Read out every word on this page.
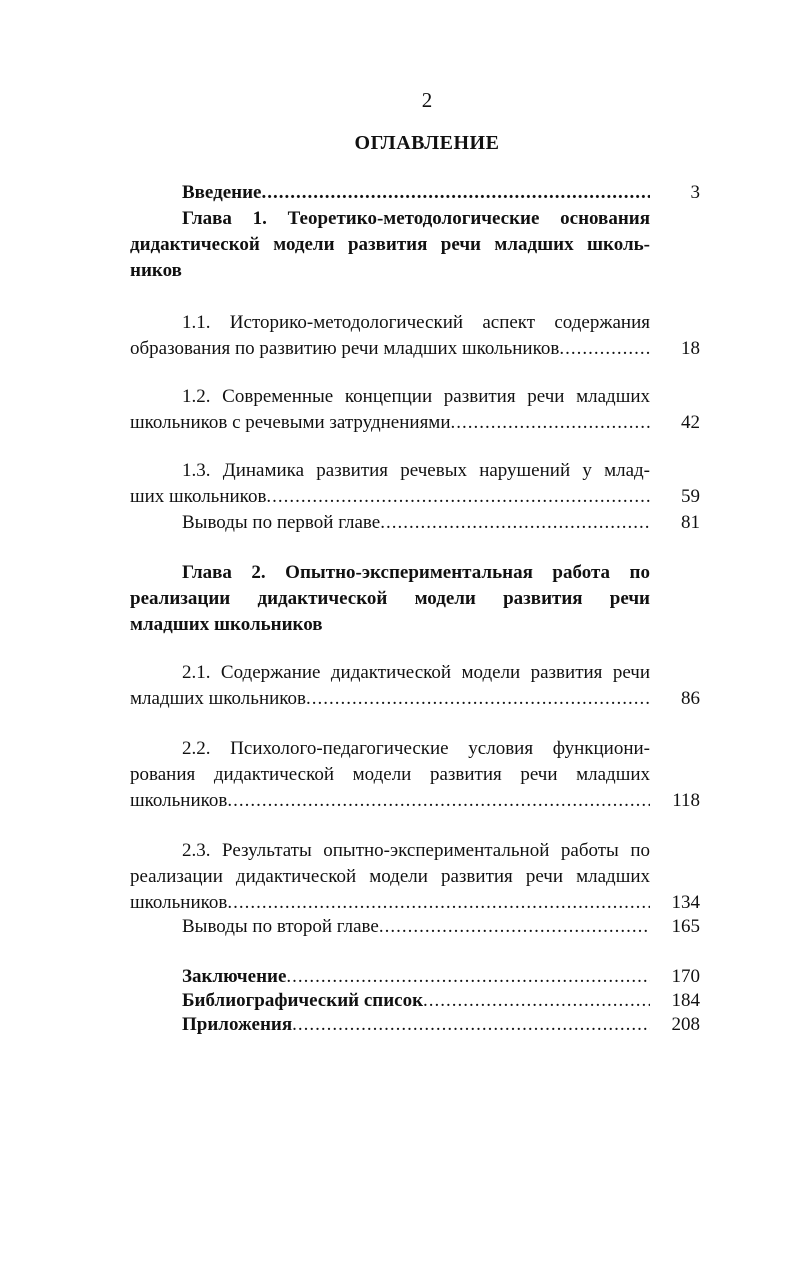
2
ОГЛАВЛЕНИЕ
Введение .....	3
Глава 1. Теоретико-методологические основания
дидактической модели развития речи младших школь-
ников
1.1. Историко-методологический аспект содержания
образования по развитию речи младших школьников .....	18
1.2. Современные концепции развития речи младших
школьников с речевыми затруднениями .....	42
1.3. Динамика развития речевых нарушений у млад-
ших школьников .....	59
Выводы по первой главе .....	81
Глава 2. Опытно-экспериментальная работа по
реализации дидактической модели развития речи
младших школьников
2.1. Содержание дидактической модели развития речи
младших школьников .....	86
2.2. Психолого-педагогические условия функциони-
рования дидактической модели развития речи младших
школьников .....	118
2.3. Результаты опытно-экспериментальной работы по
реализации дидактической модели развития речи младших
школьников .....	134
Выводы по второй главе .....	165
Заключение .....	170
Библиографический список .....	184
Приложения .....	208
